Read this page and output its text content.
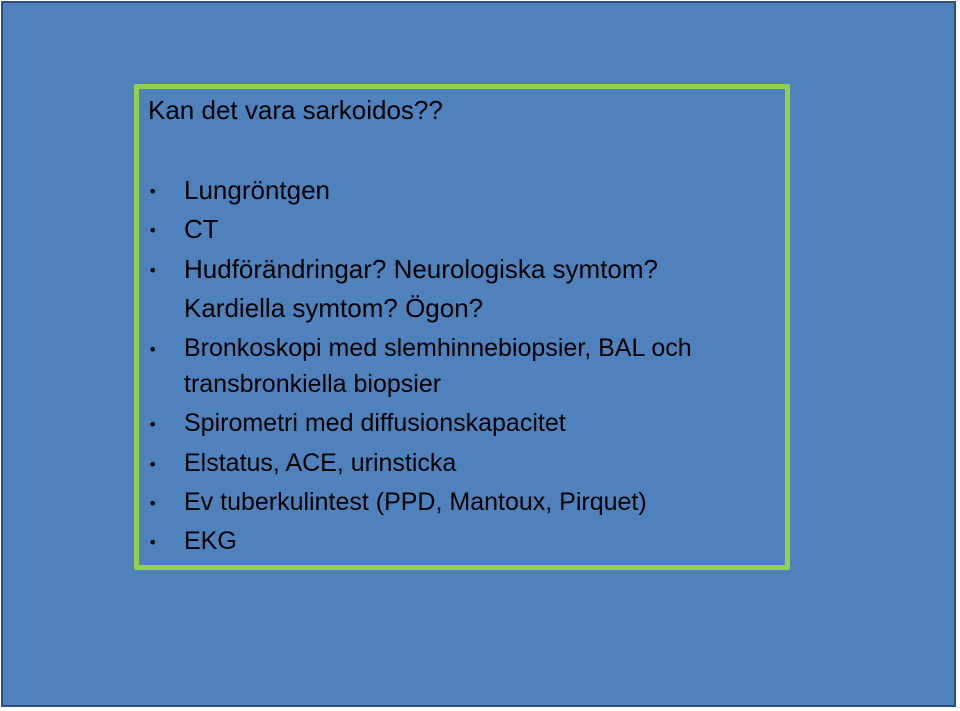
Kan det vara sarkoidos??
• Lungröntgen
• CT
• Hudförändringar? Neurologiska symtom?
Kardiella symtom? Ögon?
• Bronkoskopi med slemhinnebiopsier, BAL och
transbronkiella biopsier
• Spirometri med diffusionskapacitet
• Elstatus, ACE, urinsticka
• Ev tuberkulintest (PPD, Mantoux, Pirquet)
• EKG
